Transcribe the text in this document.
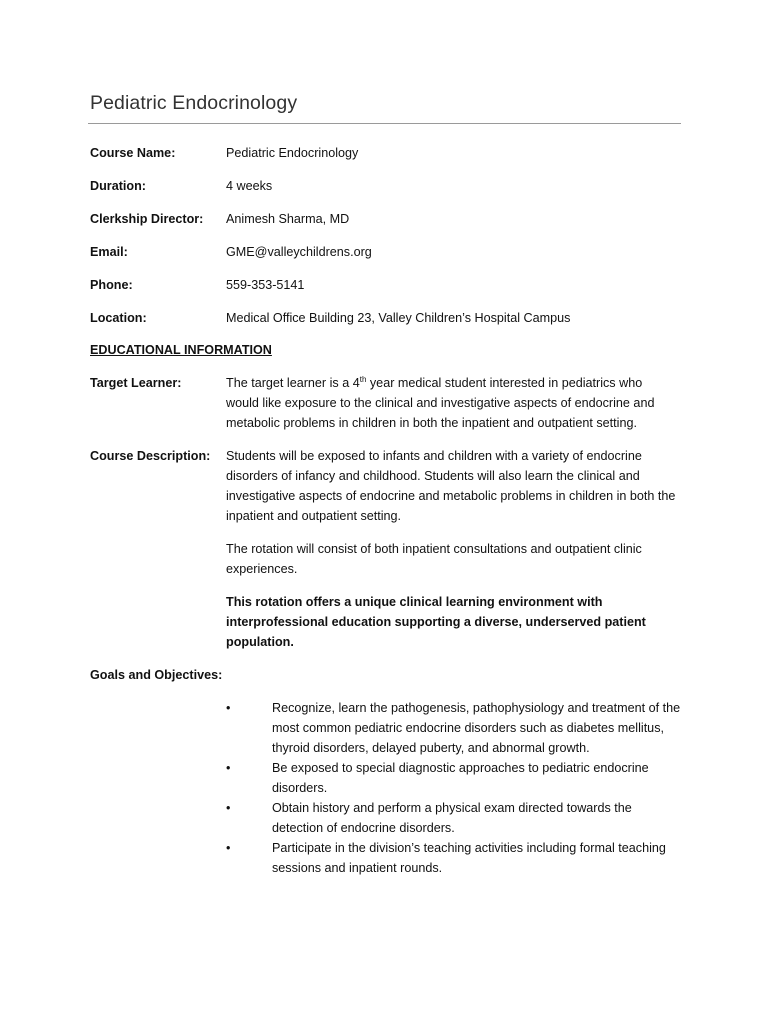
Pediatric Endocrinology
Course Name:	Pediatric Endocrinology
Duration:	4 weeks
Clerkship Director: Animesh Sharma, MD
Email:	GME@valleychildrens.org
Phone:	559-353-5141
Location:	Medical Office Building 23, Valley Children’s Hospital Campus
EDUCATIONAL INFORMATION
Target Learner:	The target learner is a 4th year medical student interested in pediatrics who would like exposure to the clinical and investigative aspects of endocrine and metabolic problems in children in both the inpatient and outpatient setting.
Course Description: Students will be exposed to infants and children with a variety of endocrine disorders of infancy and childhood. Students will also learn the clinical and investigative aspects of endocrine and metabolic problems in children in both the inpatient and outpatient setting.
The rotation will consist of both inpatient consultations and outpatient clinic experiences.
This rotation offers a unique clinical learning environment with interprofessional education supporting a diverse, underserved patient population.
Goals and Objectives:
•	Recognize, learn the pathogenesis, pathophysiology and treatment of the most common pediatric endocrine disorders such as diabetes mellitus, thyroid disorders, delayed puberty, and abnormal growth.
•	Be exposed to special diagnostic approaches to pediatric endocrine disorders.
•	Obtain history and perform a physical exam directed towards the detection of endocrine disorders.
•	Participate in the division’s teaching activities including formal teaching sessions and inpatient rounds.
